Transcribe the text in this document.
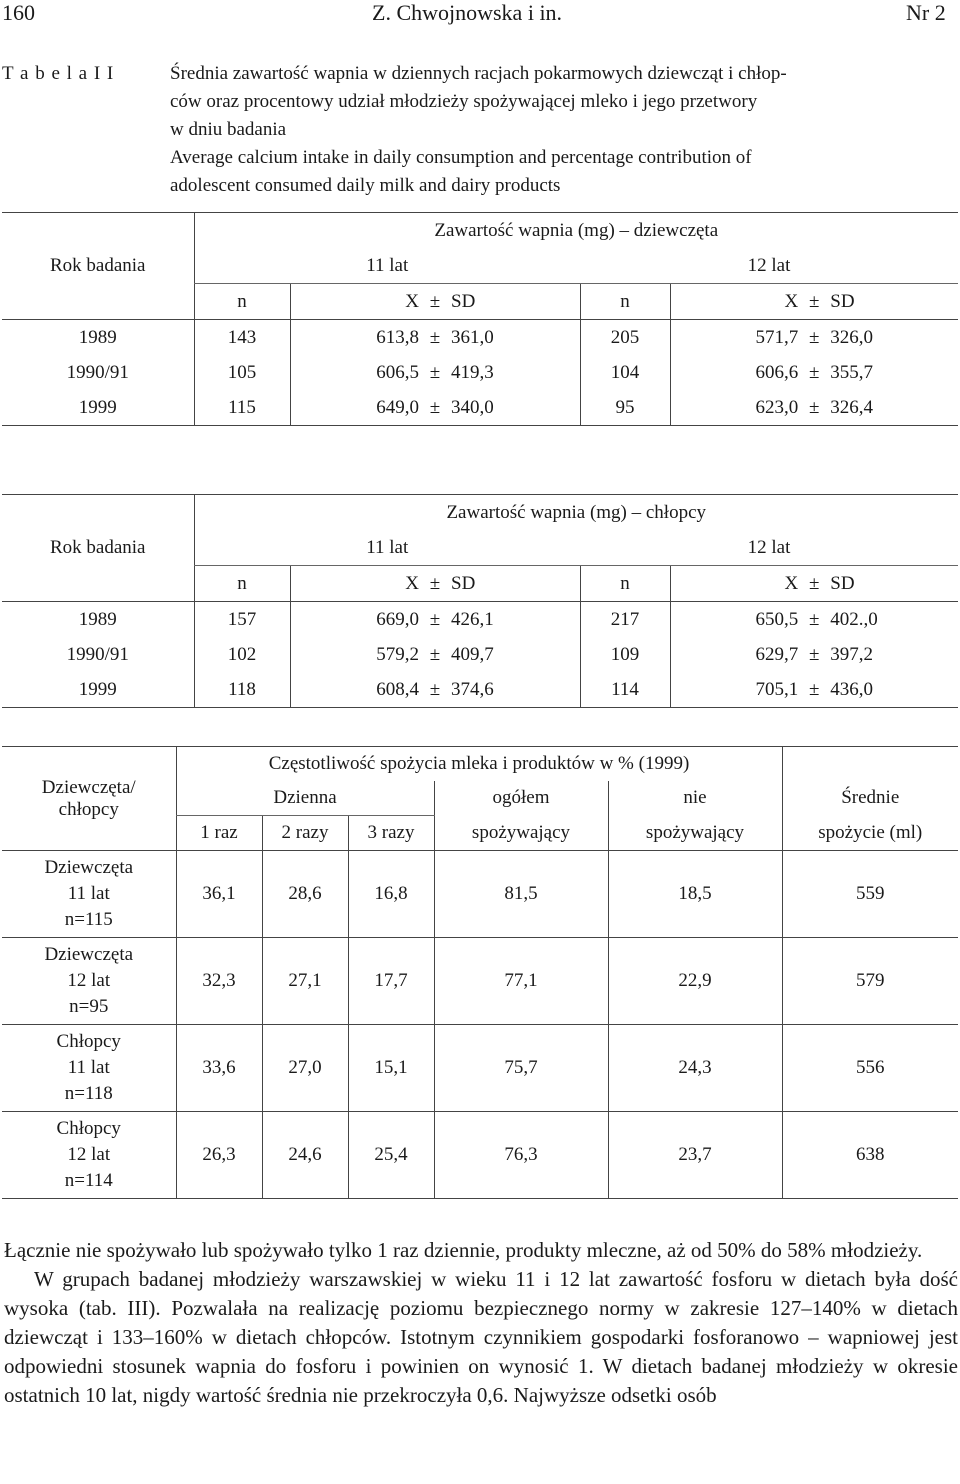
160	Z. Chwojnowska i in.	Nr 2
T a b e l a I I	Średnia zawartość wapnia w dziennych racjach pokarmowych dziewcząt i chłop-
ców oraz procentowy udział młodzieży spożywającej mleko i jego przetwory
w dniu badania
Average calcium intake in daily consumption and percentage contribution of
adolescent consumed daily milk and dairy products
Rok badania	Zawartość wapnia (mg) – dziewczęta			
	11 lat		12 lat	
	n	X ± SD	n	X ± SD
1989	143	613,8 ± 361,0	205	571,7 ± 326,0
1990/91	105	606,5 ± 419,3	104	606,6 ± 355,7
1999	115	649,0 ± 340,0	95	623,0 ± 326,4
Rok badania	Zawartość wapnia (mg) – chłopcy			
	11 lat		12 lat	
	n	X ± SD	n	X ± SD
1989	157	669,0 ± 426,1	217	650,5 ± 402.,0
1990/91	102	579,2 ± 409,7	109	629,7 ± 397,2
1999	118	608,4 ± 374,6	114	705,1 ± 436,0
Dziewczęta/
chłopcy	Częstotliwość spożycia mleka i produktów w % (1999)					
	Dzienna			ogółem	nie	Średnie
	1 raz	2 razy	3 razy	spożywający	spożywający	spożycie (ml)

Dziewczęta
11 lat
n=115	36,1	28,6	16,8	81,5	18,5	559

Dziewczęta
12 lat
n=95	32,3	27,1	17,7	77,1	22,9	579

Chłopcy
11 lat
n=118	33,6	27,0	15,1	75,7	24,3	556

Chłopcy
12 lat
n=114	26,3	24,6	25,4	76,3	23,7	638

Łącznie nie spożywało lub spożywało tylko 1 raz dziennie, produkty mleczne, aż od 50% do 58% młodzieży.

W grupach badanej młodzieży warszawskiej w wieku 11 i 12 lat zawartość fosforu w dietach była dość wysoka (tab. III). Pozwalała na realizację poziomu bezpiecznego normy w zakresie 127–140% w dietach dziewcząt i 133–160% w dietach chłopców. Istotnym czynnikiem gospodarki fosforanowo – wapniowej jest odpowiedni stosunek wapnia do fosforu i powinien on wynosić 1. W dietach badanej młodzieży w okresie ostatnich 10 lat, nigdy wartość średnia nie przekroczyła 0,6. Najwyższe odsetki osób
